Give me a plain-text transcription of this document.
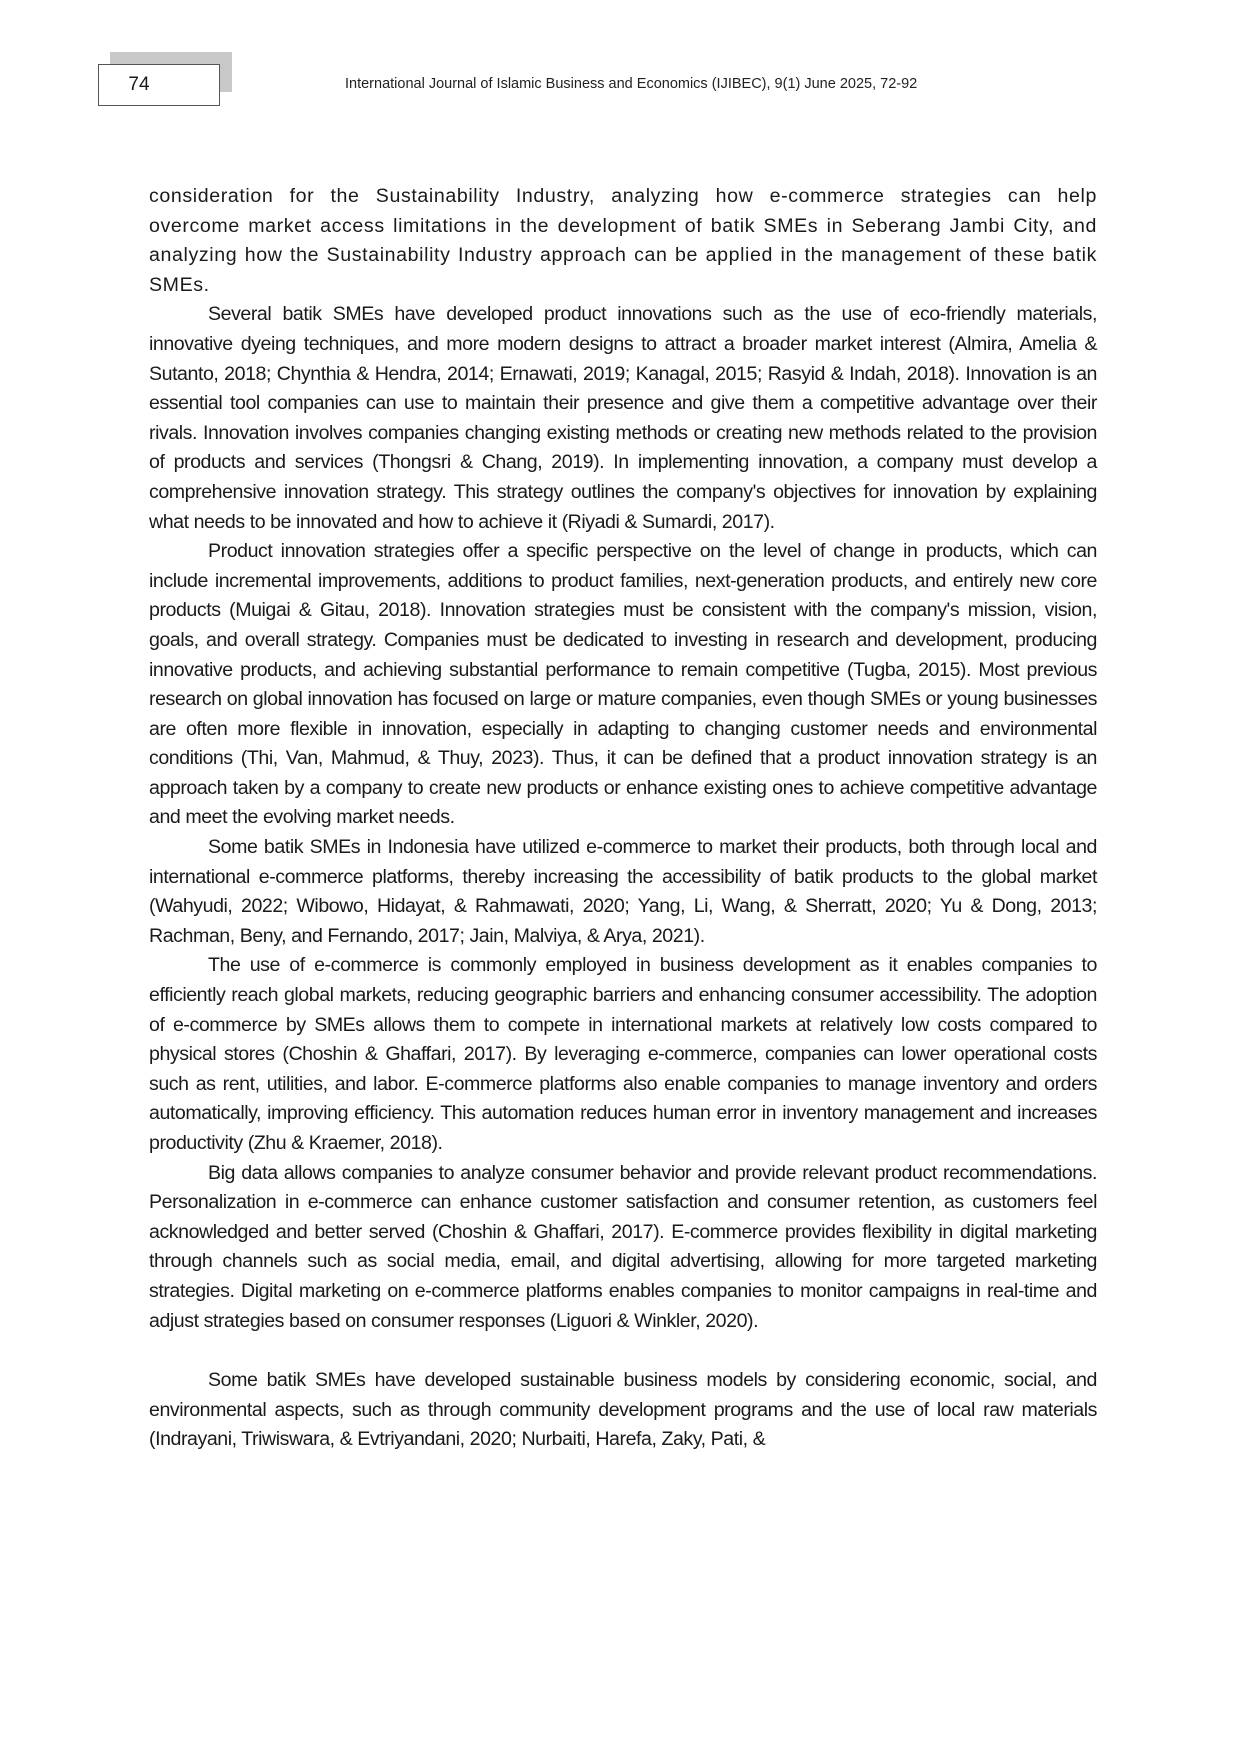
74	International Journal of Islamic Business and Economics (IJIBEC), 9(1) June 2025, 72-92

consideration for the Sustainability Industry, analyzing how e-commerce strategies can help overcome market access limitations in the development of batik SMEs in Seberang Jambi City, and analyzing how the Sustainability Industry approach can be applied in the management of these batik SMEs.

Several batik SMEs have developed product innovations such as the use of eco-friendly materials, innovative dyeing techniques, and more modern designs to attract a broader market interest (Almira, Amelia & Sutanto, 2018; Chynthia & Hendra, 2014; Ernawati, 2019; Kanagal, 2015; Rasyid & Indah, 2018). Innovation is an essential tool companies can use to maintain their presence and give them a competitive advantage over their rivals. Innovation involves companies changing existing methods or creating new methods related to the provision of products and services (Thongsri & Chang, 2019). In implementing innovation, a company must develop a comprehensive innovation strategy. This strategy outlines the company's objectives for innovation by explaining what needs to be innovated and how to achieve it (Riyadi & Sumardi, 2017).

Product innovation strategies offer a specific perspective on the level of change in products, which can include incremental improvements, additions to product families, next-generation products, and entirely new core products (Muigai & Gitau, 2018). Innovation strategies must be consistent with the company's mission, vision, goals, and overall strategy. Companies must be dedicated to investing in research and development, producing innovative products, and achieving substantial performance to remain competitive (Tugba, 2015). Most previous research on global innovation has focused on large or mature companies, even though SMEs or young businesses are often more flexible in innovation, especially in adapting to changing customer needs and environmental conditions (Thi, Van, Mahmud, & Thuy, 2023). Thus, it can be defined that a product innovation strategy is an approach taken by a company to create new products or enhance existing ones to achieve competitive advantage and meet the evolving market needs.

Some batik SMEs in Indonesia have utilized e-commerce to market their products, both through local and international e-commerce platforms, thereby increasing the accessibility of batik products to the global market (Wahyudi, 2022; Wibowo, Hidayat, & Rahmawati, 2020; Yang, Li, Wang, & Sherratt, 2020; Yu & Dong, 2013; Rachman, Beny, and Fernando, 2017; Jain, Malviya, & Arya, 2021).

The use of e-commerce is commonly employed in business development as it enables companies to efficiently reach global markets, reducing geographic barriers and enhancing consumer accessibility. The adoption of e-commerce by SMEs allows them to compete in international markets at relatively low costs compared to physical stores (Choshin & Ghaffari, 2017). By leveraging e-commerce, companies can lower operational costs such as rent, utilities, and labor. E-commerce platforms also enable companies to manage inventory and orders automatically, improving efficiency. This automation reduces human error in inventory management and increases productivity (Zhu & Kraemer, 2018).

Big data allows companies to analyze consumer behavior and provide relevant product recommendations. Personalization in e-commerce can enhance customer satisfaction and consumer retention, as customers feel acknowledged and better served (Choshin & Ghaffari, 2017). E-commerce provides flexibility in digital marketing through channels such as social media, email, and digital advertising, allowing for more targeted marketing strategies. Digital marketing on e-commerce platforms enables companies to monitor campaigns in real-time and adjust strategies based on consumer responses (Liguori & Winkler, 2020).

Some batik SMEs have developed sustainable business models by considering economic, social, and environmental aspects, such as through community development programs and the use of local raw materials (Indrayani, Triwiswara, & Evtriyandani, 2020; Nurbaiti, Harefa, Zaky, Pati, &
